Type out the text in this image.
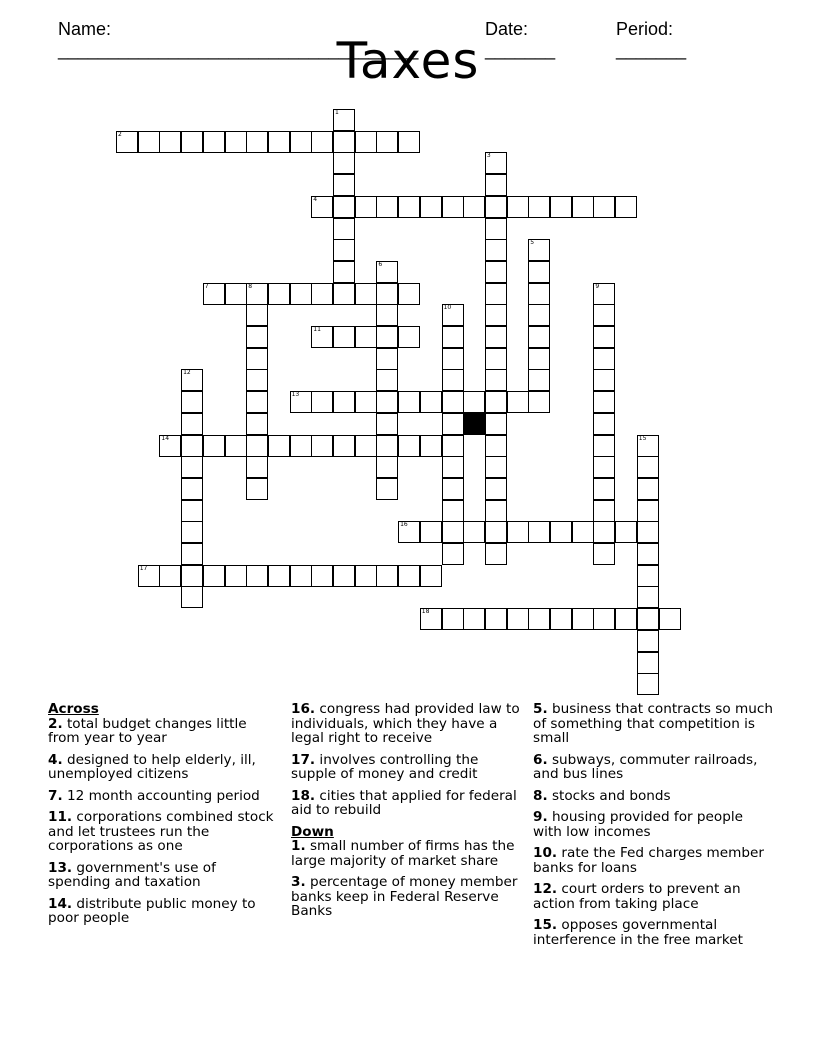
Name:
____________________________________

Date:
_______

Period:
_______

Taxes
1
2
3
4
5
6
7	8	9
10
11
12
13
14	15
16
17
18
Across
2. total budget changes little from year to year
4. designed to help elderly, ill, unemployed citizens
7. 12 month accounting period
11. corporations combined stock and let trustees run the corporations as one
13. government's use of spending and taxation
14. distribute public money to poor people
16. congress had provided law to individuals, which they have a legal right to receive
17. involves controlling the supple of money and credit
18. cities that applied for federal aid to rebuild
Down
1. small number of firms has the large majority of market share
3. percentage of money member banks keep in Federal Reserve Banks
5. business that contracts so much of something that competition is small
6. subways, commuter railroads, and bus lines
8. stocks and bonds
9. housing provided for people with low incomes
10. rate the Fed charges member banks for loans
12. court orders to prevent an action from taking place
15. opposes governmental interference in the free market
